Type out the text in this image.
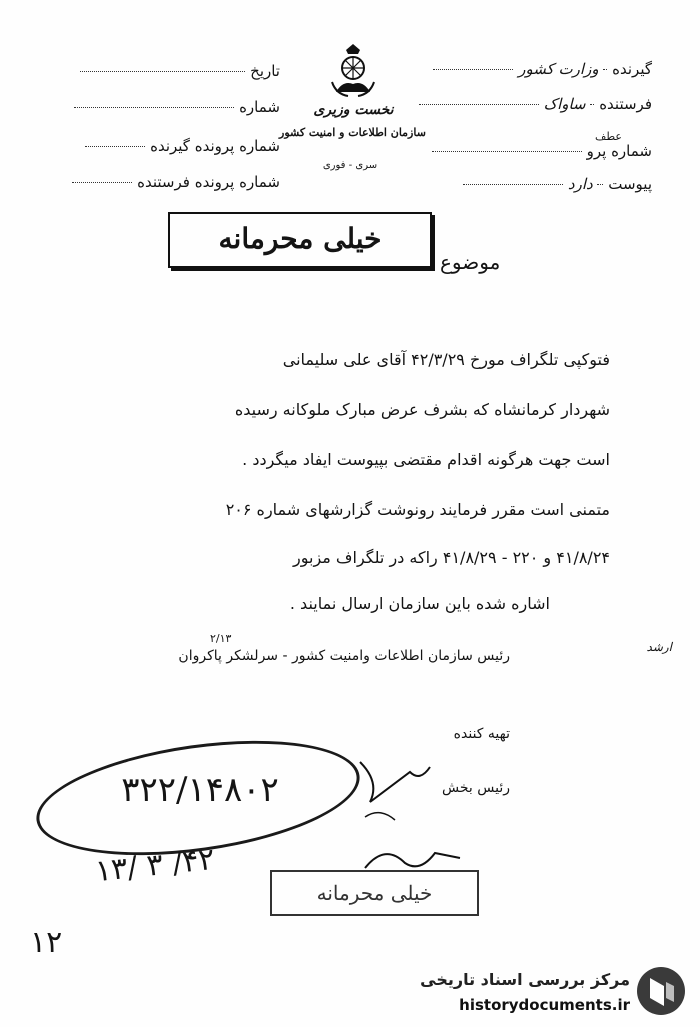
گیرنده  وزارت کشور
فرستنده  ساواک
عطف
شماره پرو
پیوست  دارد
تاریخ
شماره
شماره پرونده گیرنده
شماره پرونده فرستنده
نخست وزیری
سازمان اطلاعات و امنیت کشور
سری - فوری
خیلی محرمانه
موضوع
فتوکپی تلگراف مورخ ۴۲/۳/۲۹ آقای علی سلیمانی
شهردار کرمانشاه که بشرف عرض مبارک ملوکانه رسیده
است جهت هرگونه اقدام مقتضی بپیوست ایفاد میگردد .
متمنی است مقرر فرمایند رونوشت گزارشهای شماره ۲۰۶
۴۱/۸/۲۴ و ۲۲۰ - ۴۱/۸/۲۹ راکه در تلگراف مزبور
اشاره شده باین سازمان ارسال نمایند .
۲/۱۳
رئیس سازمان اطلاعات وامنیت کشور - سرلشکر پاکروان
ارشد
تهیه کننده
رئیس بخش
۳۲۲/۱۴۸۰۲
۴۲/ ۳ /۱۳
۱۲
خیلی محرمانه
مرکز بررسی اسناد تاریخی
historydocuments.ir
